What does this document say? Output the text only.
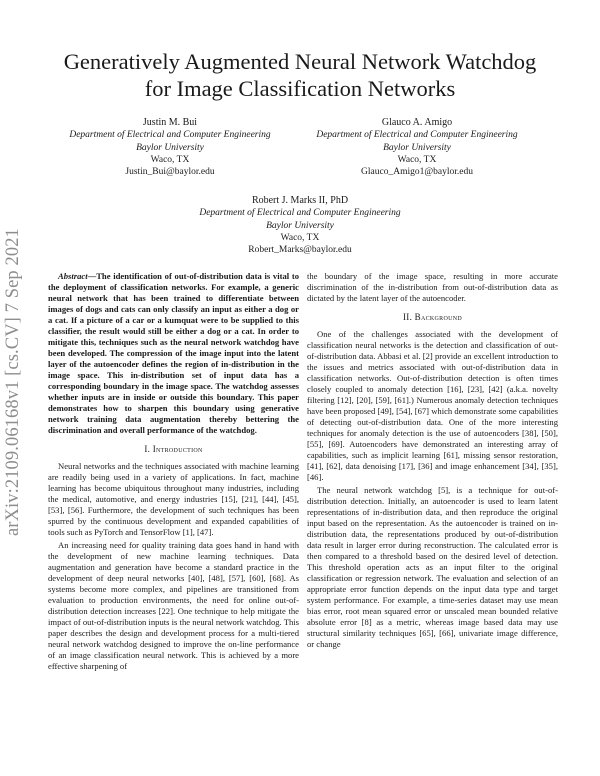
arXiv:2109.06168v1 [cs.CV] 7 Sep 2021
Generatively Augmented Neural Network Watchdog
for Image Classification Networks
Justin M. Bui
Department of Electrical and Computer Engineering
Baylor University
Waco, TX
Justin_Bui@baylor.edu
Glauco A. Amigo
Department of Electrical and Computer Engineering
Baylor University
Waco, TX
Glauco_Amigo1@baylor.edu
Robert J. Marks II, PhD
Department of Electrical and Computer Engineering
Baylor University
Waco, TX
Robert_Marks@baylor.edu

Abstract—The identification of out-of-distribution data is vital to the deployment of classification networks. For example, a generic neural network that has been trained to differentiate between images of dogs and cats can only classify an input as either a dog or a cat. If a picture of a car or a kumquat were to be supplied to this classifier, the result would still be either a dog or a cat. In order to mitigate this, techniques such as the neural network watchdog have been developed. The compression of the image input into the latent layer of the autoencoder defines the region of in-distribution in the image space. This in-distribution set of input data has a corresponding boundary in the image space. The watchdog assesses whether inputs are in inside or outside this boundary. This paper demonstrates how to sharpen this boundary using generative network training data augmentation thereby bettering the discrimination and overall performance of the watchdog.

I. Introduction

Neural networks and the techniques associated with machine learning are readily being used in a variety of applications. In fact, machine learning has become ubiquitous throughout many industries, including the medical, automotive, and energy industries [15], [21], [44], [45], [53], [56]. Furthermore, the development of such techniques has been spurred by the continuous development and expanded capabilities of tools such as PyTorch and TensorFlow [1], [47].

An increasing need for quality training data goes hand in hand with the development of new machine learning techniques. Data augmentation and generation have become a standard practice in the development of deep neural networks [40], [48], [57], [60], [68]. As systems become more complex, and pipelines are transitioned from evaluation to production environments, the need for online out-of-distribution detection increases [22]. One technique to help mitigate the impact of out-of-distribution inputs is the neural network watchdog. This paper describes the design and development process for a multi-tiered neural network watchdog designed to improve the on-line performance of an image classification neural network. This is achieved by a more effective sharpening of

the boundary of the image space, resulting in more accurate discrimination of the in-distribution from out-of-distribution data as dictated by the latent layer of the autoencoder.

II. Background

One of the challenges associated with the development of classification neural networks is the detection and classification of out-of-distribution data. Abbasi et al. [2] provide an excellent introduction to the issues and metrics associated with out-of-distribution data in classification networks. Out-of-distribution detection is often times closely coupled to anomaly detection [16], [23], [42] (a.k.a. novelty filtering [12], [20], [59], [61].) Numerous anomaly detection techniques have been proposed [49], [54], [67] which demonstrate some capabilities of detecting out-of-distribution data. One of the more interesting techniques for anomaly detection is the use of autoencoders [38], [50], [55], [69]. Autoencoders have demonstrated an interesting array of capabilities, such as implicit learning [61], missing sensor restoration, [41], [62], data denoising [17], [36] and image enhancement [34], [35], [46].

The neural network watchdog [5], is a technique for out-of-distribution detection. Initially, an autoencoder is used to learn latent representations of in-distribution data, and then reproduce the original input based on the representation. As the autoencoder is trained on in-distribution data, the representations produced by out-of-distribution data result in larger error during reconstruction. The calculated error is then compared to a threshold based on the desired level of detection. This threshold operation acts as an input filter to the original classification or regression network. The evaluation and selection of an appropriate error function depends on the input data type and target system performance. For example, a time-series dataset may use mean bias error, root mean squared error or unscaled mean bounded relative absolute error [8] as a metric, whereas image based data may use structural similarity techniques [65], [66], univariate image difference, or change
